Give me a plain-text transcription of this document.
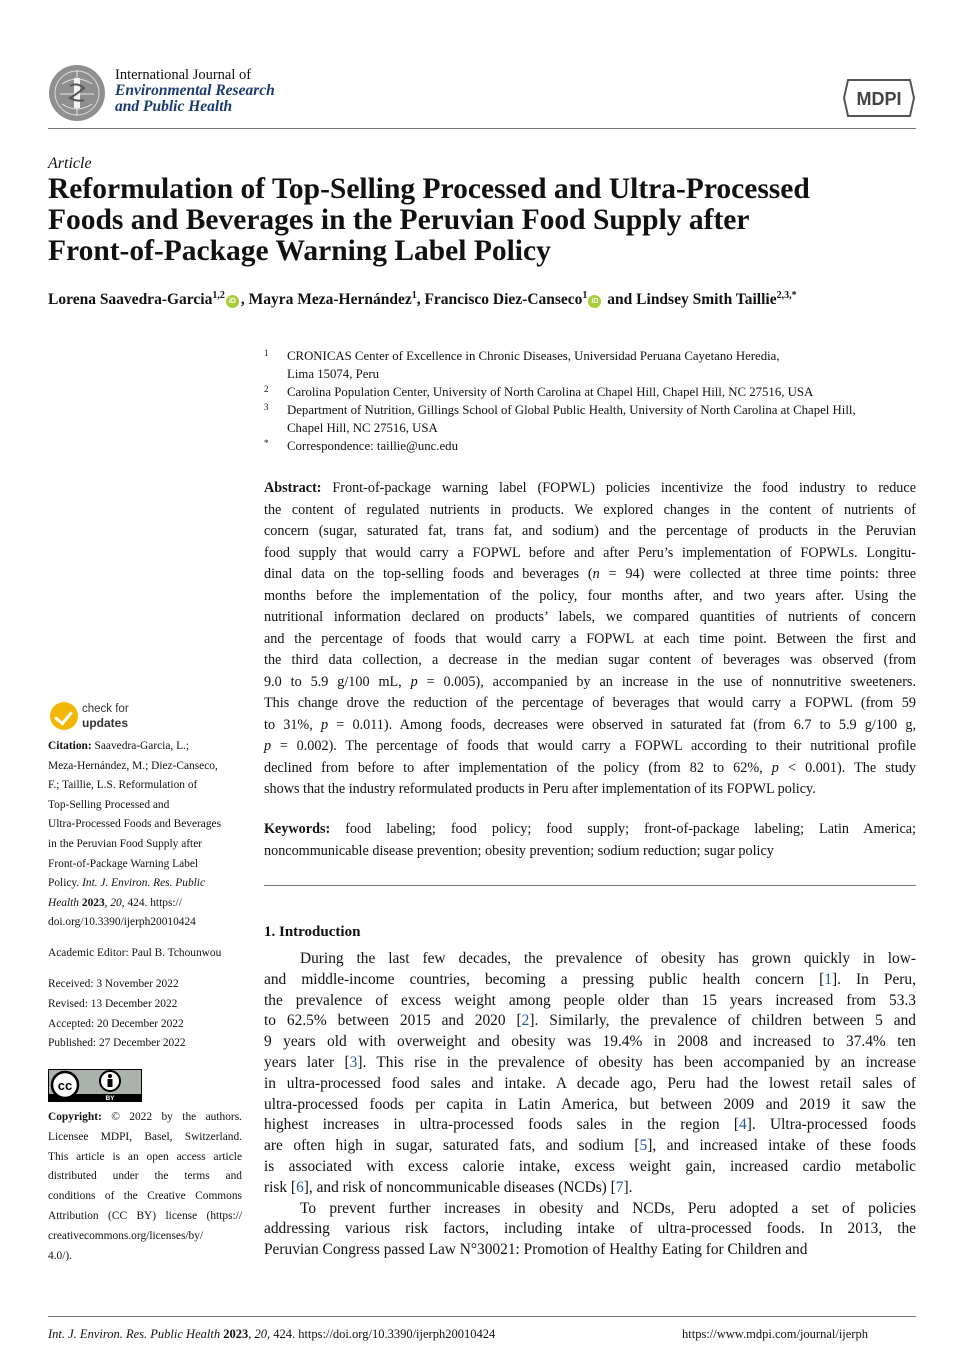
International Journal of
Environmental Research
and Public Health	MDPI
Article
Reformulation of Top-Selling Processed and Ultra-Processed
Foods and Beverages in the Peruvian Food Supply after
Front-of-Package Warning Label Policy
Lorena Saavedra-Garcia$^{1,2}$iD , Mayra Meza-Hernández$^1$, Francisco Diez-Canseco$^1$iD and Lindsey Smith Taillie$^{2,3,*}$
1 CRONICAS Center of Excellence in Chronic Diseases, Universidad Peruana Cayetano Heredia,
Lima 15074, Peru
2 Carolina Population Center, University of North Carolina at Chapel Hill, Chapel Hill, NC 27516, USA
3 Department of Nutrition, Gillings School of Global Public Health, University of North Carolina at Chapel Hill,
Chapel Hill, NC 27516, USA
* Correspondence: taillie@unc.edu
Abstract: Front-of-package warning label (FOPWL) policies incentivize the food industry to reduce
the content of regulated nutrients in products. We explored changes in the content of nutrients of
concern (sugar, saturated fat, trans fat, and sodium) and the percentage of products in the Peruvian
food supply that would carry a FOPWL before and after Peru’s implementation of FOPWLs. Longitu-
dinal data on the top-selling foods and beverages (n = 94) were collected at three time points: three
months before the implementation of the policy, four months after, and two years after. Using the
nutritional information declared on products’ labels, we compared quantities of nutrients of concern
and the percentage of foods that would carry a FOPWL at each time point. Between the first and
the third data collection, a decrease in the median sugar content of beverages was observed (from
9.0 to 5.9 g/100 mL, p = 0.005), accompanied by an increase in the use of nonnutritive sweeteners.
This change drove the reduction of the percentage of beverages that would carry a FOPWL (from 59
to 31%, p = 0.011). Among foods, decreases were observed in saturated fat (from 6.7 to 5.9 g/100 g,
p = 0.002). The percentage of foods that would carry a FOPWL according to their nutritional profile
declined from before to after implementation of the policy (from 82 to 62%, p < 0.001). The study
shows that the industry reformulated products in Peru after implementation of its FOPWL policy.
Keywords: food labeling; food policy; food supply; front-of-package labeling; Latin America;
noncommunicable disease prevention; obesity prevention; sodium reduction; sugar policy
1. Introduction
During the last few decades, the prevalence of obesity has grown quickly in low-
and middle-income countries, becoming a pressing public health concern [1]. In Peru,
the prevalence of excess weight among people older than 15 years increased from 53.3
to 62.5% between 2015 and 2020 [2]. Similarly, the prevalence of children between 5 and
9 years old with overweight and obesity was 19.4% in 2008 and increased to 37.4% ten
years later [3]. This rise in the prevalence of obesity has been accompanied by an increase
in ultra-processed food sales and intake. A decade ago, Peru had the lowest retail sales of
ultra-processed foods per capita in Latin America, but between 2009 and 2019 it saw the
highest increases in ultra-processed foods sales in the region [4]. Ultra-processed foods
are often high in sugar, saturated fats, and sodium [5], and increased intake of these foods
is associated with excess calorie intake, excess weight gain, increased cardio metabolic
risk [6], and risk of noncommunicable diseases (NCDs) [7].
To prevent further increases in obesity and NCDs, Peru adopted a set of policies
addressing various risk factors, including intake of ultra-processed foods. In 2013, the
Peruvian Congress passed Law N°30021: Promotion of Healthy Eating for Children and
check for
updates
Citation: Saavedra-Garcia, L.;
Meza-Hernández, M.; Diez-Canseco,
F.; Taillie, L.S. Reformulation of
Top-Selling Processed and
Ultra-Processed Foods and Beverages
in the Peruvian Food Supply after
Front-of-Package Warning Label
Policy. Int. J. Environ. Res. Public
Health 2023, 20, 424. https://
doi.org/10.3390/ijerph20010424
Academic Editor: Paul B. Tchounwou
Received: 3 November 2022
Revised: 13 December 2022
Accepted: 20 December 2022
Published: 27 December 2022
cc
BY
Copyright: © 2022 by the authors.
Licensee MDPI, Basel, Switzerland.
This article is an open access article
distributed under the terms and
conditions of the Creative Commons
Attribution (CC BY) license (https://
creativecommons.org/licenses/by/
4.0/).
Int. J. Environ. Res. Public Health 2023, 20, 424. https://doi.org/10.3390/ijerph20010424	https://www.mdpi.com/journal/ijerph
